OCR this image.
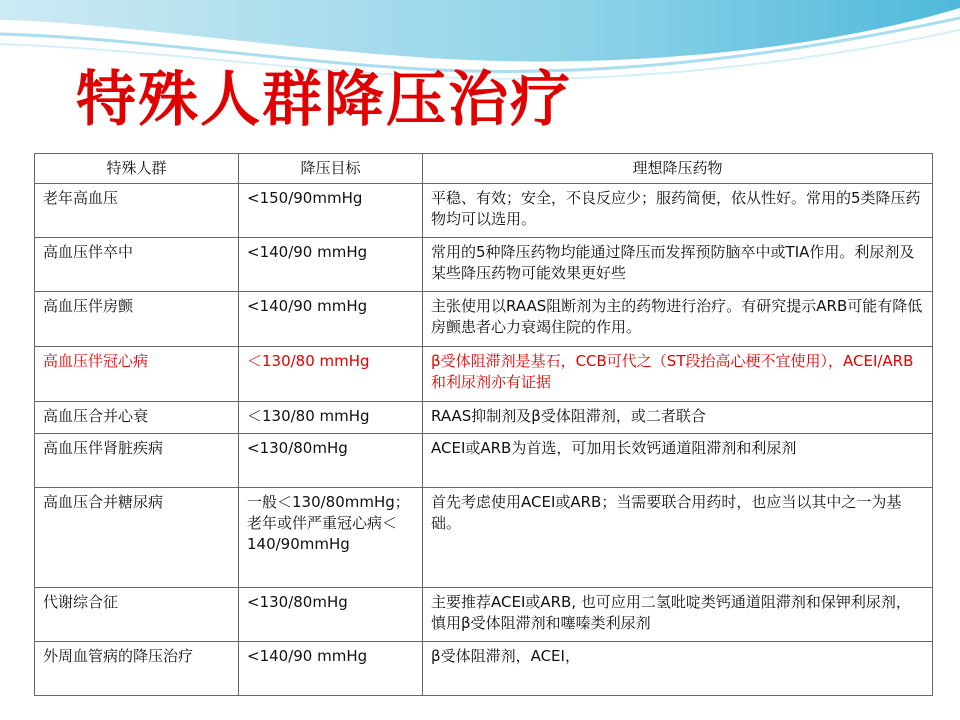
特殊人群降压治疗
特殊人群	降压目标	理想降压药物
老年高血压	<150/90mmHg	平稳、有效；安全，不良反应少；服药简便，依从性好。常用的5类降压药物均可以选用。
高血压伴卒中	<140/90 mmHg	常用的5种降压药物均能通过降压而发挥预防脑卒中或TIA作用。利尿剂及某些降压药物可能效果更好些
高血压伴房颤	<140/90 mmHg	主张使用以RAAS阻断剂为主的药物进行治疗。有研究提示ARB可能有降低房颤患者心力衰竭住院的作用。
高血压伴冠心病	＜130/80 mmHg	β受体阻滞剂是基石，CCB可代之（ST段抬高心梗不宜使用），ACEI/ARB和利尿剂亦有证据
高血压合并心衰	＜130/80 mmHg	RAAS抑制剂及β受体阻滞剂，或二者联合
高血压伴肾脏疾病	<130/80mHg	ACEI或ARB为首选，可加用长效钙通道阻滞剂和利尿剂
高血压合并糖尿病	一般＜130/80mmHg；老年或伴严重冠心病＜140/90mmHg	首先考虑使用ACEI或ARB；当需要联合用药时，也应当以其中之一为基础。
代谢综合征	<130/80mHg	主要推荐ACEI或ARB, 也可应用二氢吡啶类钙通道阻滞剂和保钾利尿剂，慎用β受体阻滞剂和噻嗪类利尿剂
外周血管病的降压治疗	<140/90 mmHg	β受体阻滞剂，ACEI，
